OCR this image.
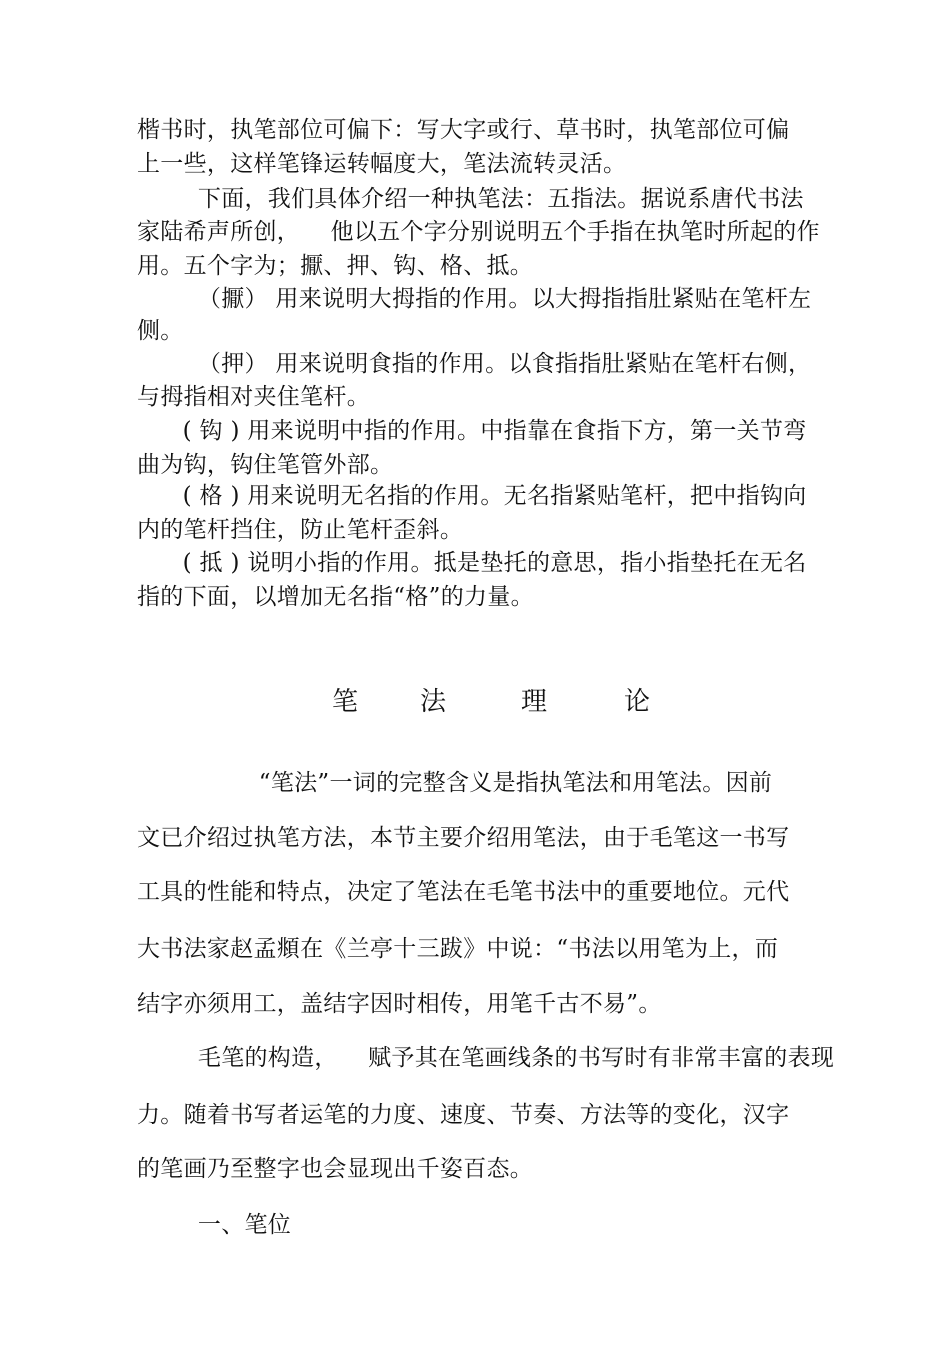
楷书时，执笔部位可偏下：写大字或行、草书时，执笔部位可偏

上一些，这样笔锋运转幅度大，笔法流转灵活。

下面，我们具体介绍一种执笔法：五指法。据说系唐代书法

家陆希声所创，    他以五个字分别说明五个手指在执笔时所起的作

用。五个字为；擫、押、钩、格、抵。

（擫） 用来说明大拇指的作用。以大拇指指肚紧贴在笔杆左

侧。

（押） 用来说明食指的作用。以食指指肚紧贴在笔杆右侧，

与拇指相对夹住笔杆。

( 钩 ) 用来说明中指的作用。中指靠在食指下方，第一关节弯

曲为钩，钩住笔管外部。

( 格 ) 用来说明无名指的作用。无名指紧贴笔杆，把中指钩向

内的笔杆挡住，防止笔杆歪斜。

( 抵 ) 说明小指的作用。抵是垫托的意思，指小指垫托在无名

指的下面，以增加无名指“格”的力量。

笔 法	理	论

“笔法”一词的完整含义是指执笔法和用笔法。因前

文已介绍过执笔方法，本节主要介绍用笔法，由于毛笔这一书写

工具的性能和特点，决定了笔法在毛笔书法中的重要地位。元代

大书法家赵孟頫在《兰亭十三跋》中说：“书法以用笔为上，而

结字亦须用工，盖结字因时相传，用笔千古不易”。

毛笔的构造，    赋予其在笔画线条的书写时有非常丰富的表现

力。随着书写者运笔的力度、速度、节奏、方法等的变化，汉字

的笔画乃至整字也会显现出千姿百态。

一、笔位
